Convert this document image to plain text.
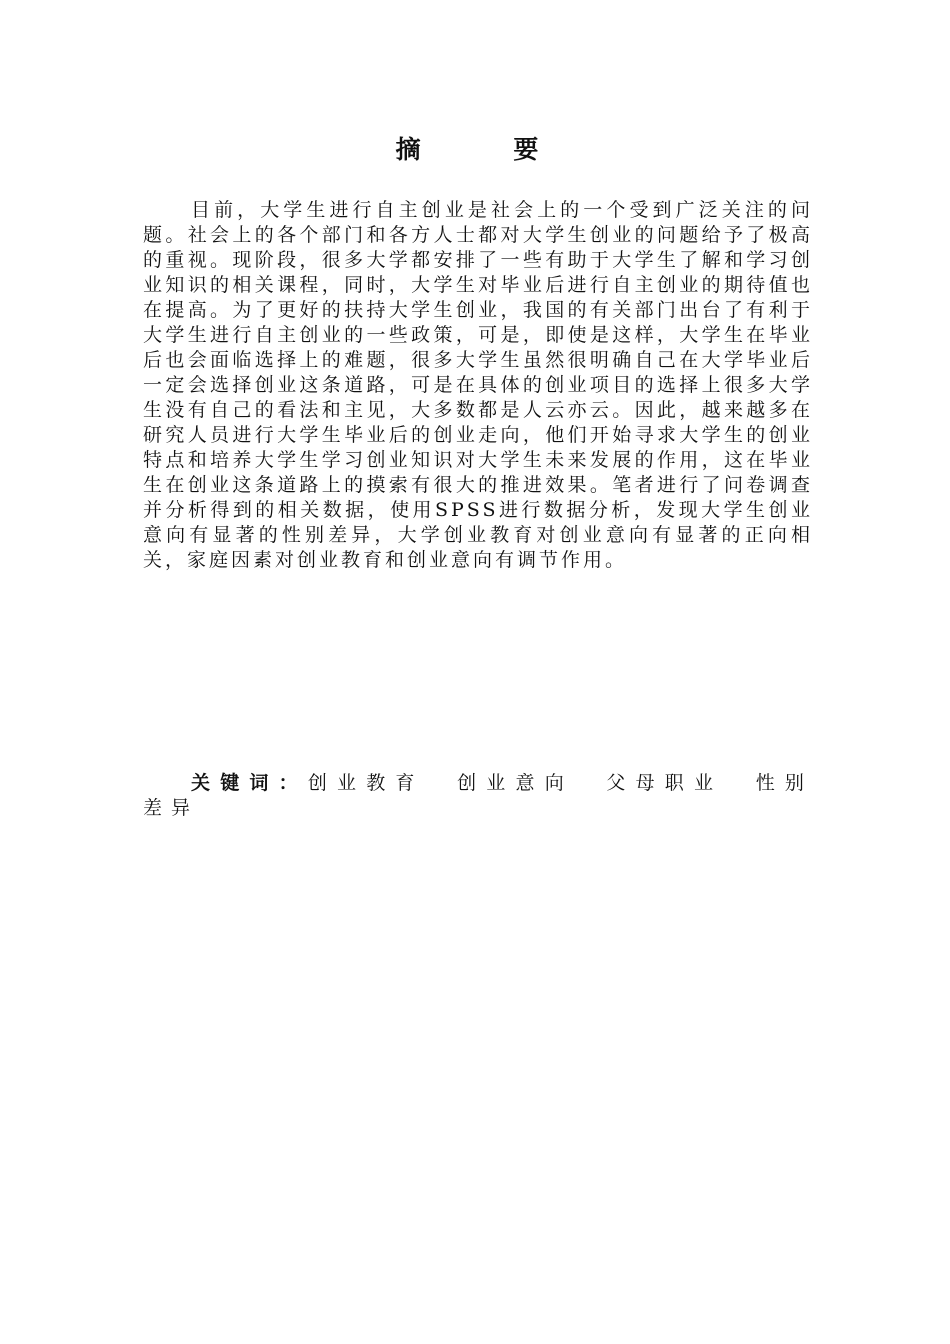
摘 要

目前，大学生进行自主创业是社会上的一个受到广泛关注的问题。社会上的各个部门和各方人士都对大学生创业的问题给予了极高的重视。现阶段，很多大学都安排了一些有助于大学生了解和学习创业知识的相关课程，同时，大学生对毕业后进行自主创业的期待值也在提高。为了更好的扶持大学生创业，我国的有关部门出台了有利于大学生进行自主创业的一些政策，可是，即使是这样，大学生在毕业后也会面临选择上的难题，很多大学生虽然很明确自己在大学毕业后一定会选择创业这条道路，可是在具体的创业项目的选择上很多大学生没有自己的看法和主见，大多数都是人云亦云。因此，越来越多在研究人员进行大学生毕业后的创业走向，他们开始寻求大学生的创业特点和培养大学生学习创业知识对大学生未来发展的作用，这在毕业生在创业这条道路上的摸索有很大的推进效果。笔者进行了问卷调查并分析得到的相关数据，使用SPSS进行数据分析，发现大学生创业意向有显著的性别差异，大学创业教育对创业意向有显著的正向相关，家庭因素对创业教育和创业意向有调节作用。

关键词：创业教育 创业意向 父母职业 性别差异
